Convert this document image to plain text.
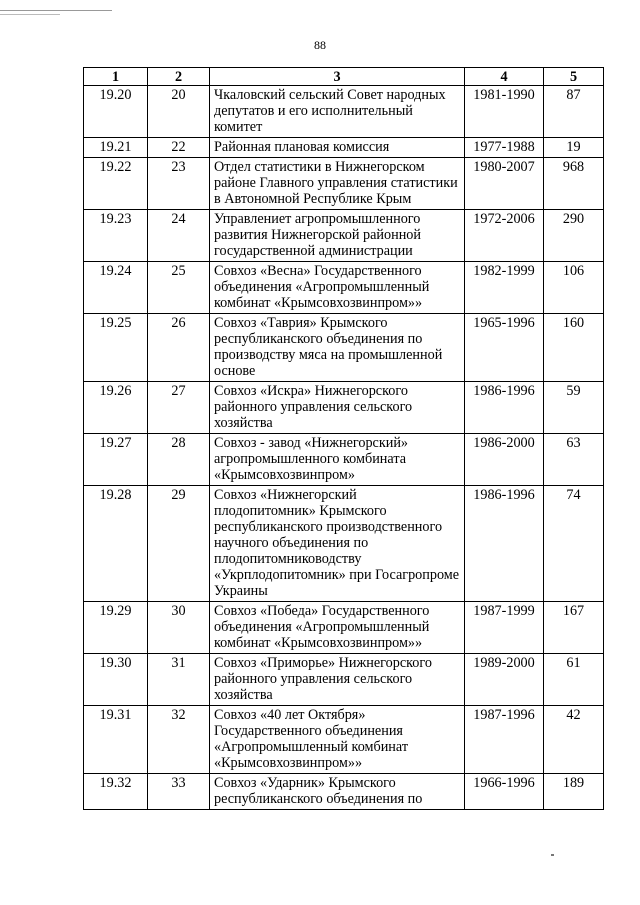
88
1	2	3	4	5
19.20	20	Чкаловский сельский Совет народных депутатов и его исполнительный комитет	1981-1990	87
19.21	22	Районная плановая комиссия	1977-1988	19
19.22	23	Отдел статистики в Нижнегорском районе Главного управления статистики в Автономной Республике Крым	1980-2007	968
19.23	24	Управлениет агропромышленного развития Нижнегорской районной государственной администрации	1972-2006	290
19.24	25	Совхоз «Весна» Государственного объединения «Агропромышленный комбинат «Крымсовхозвинпром»»	1982-1999	106
19.25	26	Совхоз «Таврия» Крымского республиканского объединения по производству мяса на промышленной основе	1965-1996	160
19.26	27	Совхоз «Искра» Нижнегорского районного управления сельского хозяйства	1986-1996	59
19.27	28	Совхоз - завод «Нижнегорский» агропромышленного комбината «Крымсовхозвинпром»	1986-2000	63
19.28	29	Совхоз «Нижнегорский плодопитомник» Крымского республиканского производственного научного объединения по плодопитомниководству «Укрплодопитомник» при Госагропроме Украины	1986-1996	74
19.29	30	Совхоз «Победа» Государственного объединения «Агропромышленный комбинат «Крымсовхозвинпром»»	1987-1999	167
19.30	31	Совхоз «Приморье» Нижнегорского районного управления сельского хозяйства	1989-2000	61
19.31	32	Совхоз «40 лет Октября» Государственного объединения «Агропромышленный комбинат «Крымсовхозвинпром»»	1987-1996	42
19.32	33	Совхоз «Ударник» Крымского республиканского объединения по	1966-1996	189
